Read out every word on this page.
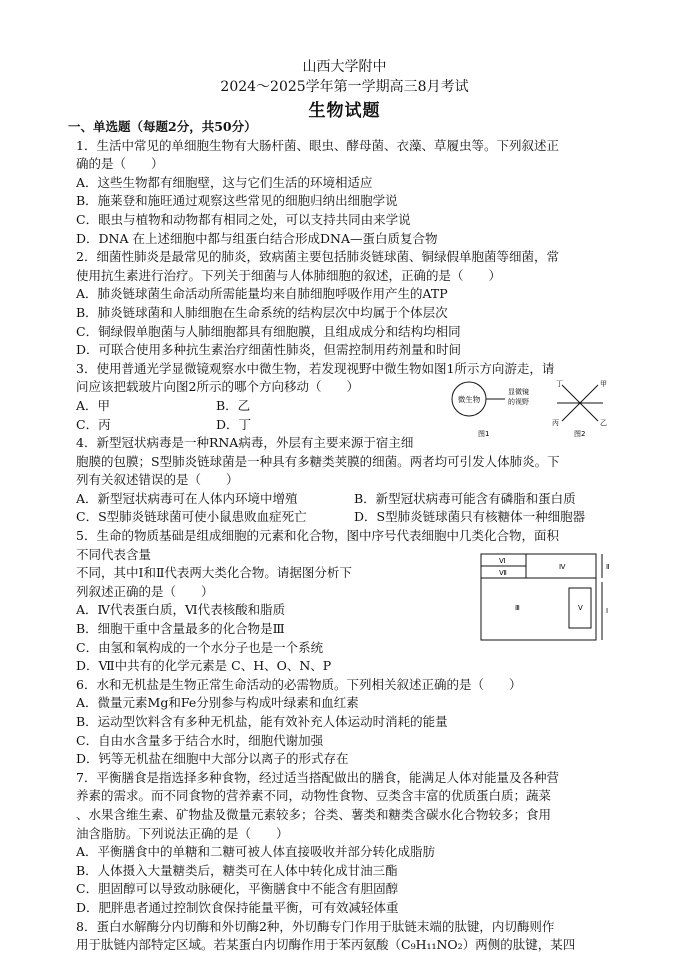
山西大学附中
2024～2025学年第一学期高三8月考试
生物试题
一、单选题（每题2分，共50分）
1．生活中常见的单细胞生物有大肠杆菌、眼虫、酵母菌、衣藻、草履虫等。下列叙述正
确的是（　　）
A．这些生物都有细胞壁，这与它们生活的环境相适应
B．施莱登和施旺通过观察这些常见的细胞归纳出细胞学说
C．眼虫与植物和动物都有相同之处，可以支持共同由来学说
D．DNA 在上述细胞中都与组蛋白结合形成DNA—蛋白质复合物
2．细菌性肺炎是最常见的肺炎，致病菌主要包括肺炎链球菌、铜绿假单胞菌等细菌，常
使用抗生素进行治疗。下列关于细菌与人体肺细胞的叙述，正确的是（　　）
A．肺炎链球菌生命活动所需能量均来自肺细胞呼吸作用产生的ATP
B．肺炎链球菌和人肺细胞在生命系统的结构层次中均属于个体层次
C．铜绿假单胞菌与人肺细胞都具有细胞膜，且组成成分和结构均相同
D．可联合使用多种抗生素治疗细菌性肺炎，但需控制用药剂量和时间
3．使用普通光学显微镜观察水中微生物，若发现视野中微生物如图1所示方向游走，请
问应该把载玻片向图2所示的哪个方向移动（　　）
A．甲	B．乙
C．丙	D．丁
4．新型冠状病毒是一种RNA病毒，外层有主要来源于宿主细
胞膜的包膜；S型肺炎链球菌是一种具有多糖类荚膜的细菌。两者均可引发人体肺炎。下
列有关叙述错误的是（　　）
A．新型冠状病毒可在人体内环境中增殖	B．新型冠状病毒可能含有磷脂和蛋白质
C．S型肺炎链球菌可使小鼠患败血症死亡	D．S型肺炎链球菌只有核糖体一种细胞器
5．生命的物质基础是组成细胞的元素和化合物，图中序号代表细胞中几类化合物，面积
不同代表含量
不同，其中Ⅰ和Ⅱ代表两大类化合物。请据图分析下
列叙述正确的是（　　）
A．Ⅳ代表蛋白质，Ⅵ代表核酸和脂质
B．细胞干重中含量最多的化合物是Ⅲ
C．由氢和氧构成的一个水分子也是一个系统
D．Ⅶ中共有的化学元素是 C、H、O、N、P
6．水和无机盐是生物正常生命活动的必需物质。下列相关叙述正确的是（　　）
A．微量元素Mg和Fe分别参与构成叶绿素和血红素
B．运动型饮料含有多种无机盐，能有效补充人体运动时消耗的能量
C．自由水含量多于结合水时，细胞代谢加强
D．钙等无机盐在细胞中大部分以离子的形式存在
7．平衡膳食是指选择多种食物，经过适当搭配做出的膳食，能满足人体对能量及各种营
养素的需求。而不同食物的营养素不同，动物性食物、豆类含丰富的优质蛋白质；蔬菜
、水果含维生素、矿物盐及微量元素较多；谷类、薯类和糖类含碳水化合物较多；食用
油含脂肪。下列说法正确的是（　　）
A．平衡膳食中的单糖和二糖可被人体直接吸收并部分转化成脂肪
B．人体摄入大量糖类后，糖类可在人体中转化成甘油三酯
C．胆固醇可以导致动脉硬化，平衡膳食中不能含有胆固醇
D．肥胖患者通过控制饮食保持能量平衡，可有效减轻体重
8．蛋白水解酶分内切酶和外切酶2种，外切酶专门作用于肽链末端的肽键，内切酶则作
用于肽链内部特定区域。若某蛋白内切酶作用于苯丙氨酸（C₉H₁₁NO₂）两侧的肽键，某四
微生物
显微镜
的视野
图1
丁	甲
丙	乙
图2
Ⅵ
Ⅶ
Ⅳ
Ⅲ	Ⅴ
Ⅱ
Ⅰ
